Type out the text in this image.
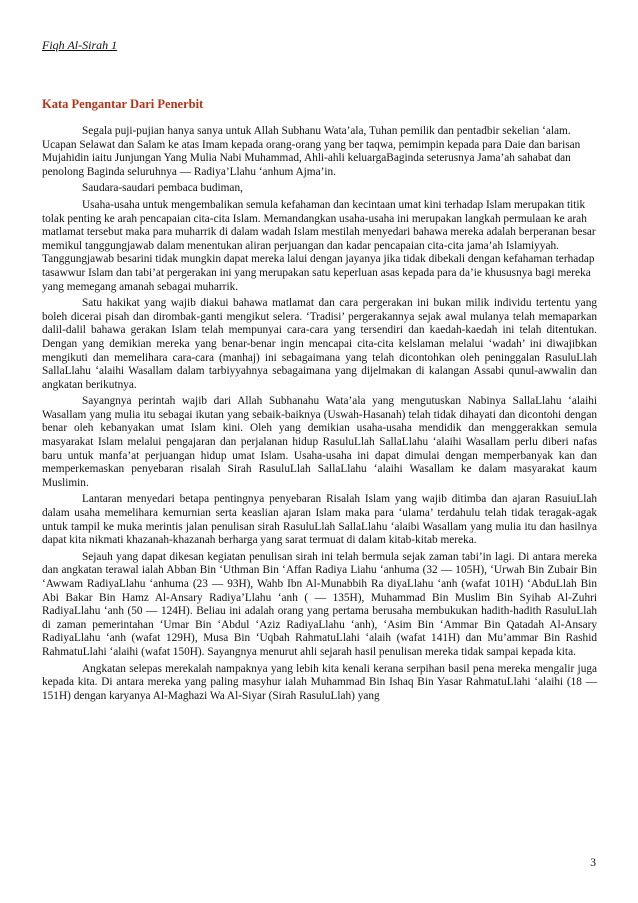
Fiqh Al-Sirah 1
Kata Pengantar Dari Penerbit

Segala puji-pujian hanya sanya untuk Allah Subhanu Wata’ala, Tuhan pemilik dan pentadbir sekelian ‘alam. Ucapan Selawat dan Salam ke atas Imam kepada orang-orang yang ber taqwa, pemimpin kepada para Daie dan barisan Mujahidin iaitu Junjungan Yang Mulia Nabi Muhammad, Ahli-ahli keluargaBaginda seterusnya Jama’ah sahabat dan penolong Baginda seluruhnya — Radiya’Llahu ‘anhum Ajma’in.

Saudara-saudari pembaca budiman,

Usaha-usaha untuk mengembalikan semula kefahaman dan kecintaan umat kini terhadap Islam merupakan titik tolak penting ke arah pencapaian cita-cita Islam. Memandangkan usaha-usaha ini merupakan langkah permulaan ke arah matlamat tersebut maka para muharrik di dalam wadah Islam mestilah menyedari bahawa mereka adalah berperanan besar memikul tanggungjawab dalam menentukan aliran perjuangan dan kadar pencapaian cita-cita jama’ah Islamiyyah. Tanggungjawab besarini tidak mungkin dapat mereka lalui dengan jayanya jika tidak dibekali dengan kefahaman terhadap tasawwur Islam dan tabi’at pergerakan ini yang merupakan satu keperluan asas kepada para da’ie khususnya bagi mereka yang memegang amanah sebagai muharrik.

Satu hakikat yang wajib diakui bahawa matlamat dan cara pergerakan ini bukan milik individu tertentu yang boleh dicerai pisah dan dirombak-ganti mengikut selera. ‘Tradisi’ pergerakannya sejak awal mulanya telah memaparkan dalil-dalil bahawa gerakan Islam telah mempunyai cara-cara yang tersendiri dan kaedah-kaedah ini telah ditentukan. Dengan yang demikian mereka yang benar-benar ingin mencapai cita-cita kelslaman melalui ‘wadah’ ini diwajibkan mengikuti dan memelihara cara-cara (manhaj) ini sebagaimana yang telah dicontohkan oleh peninggalan RasuluLlah SallaLlahu ‘alaihi Wasallam dalam tarbiyyahnya sebagaimana yang dijelmakan di kalangan Assabi qunul-awwalin dan angkatan berikutnya.

Sayangnya perintah wajib dari Allah Subhanahu Wata’ala yang mengutuskan Nabinya SallaLlahu ‘alaihi Wasallam yang mulia itu sebagai ikutan yang sebaik-baiknya (Uswah-Hasanah) telah tidak dihayati dan dicontohi dengan benar oleh kebanyakan umat Islam kini. Oleh yang demikian usaha-usaha mendidik dan menggerakkan semula masyarakat Islam melalui pengajaran dan perjalanan hidup RasuluLlah SallaLlahu ‘alaihi Wasallam perlu diberi nafas baru untuk manfa’at perjuangan hidup umat Islam. Usaha-usaha ini dapat dimulai dengan memperbanyak kan dan memperkemaskan penyebaran risalah Sirah RasuluLlah SallaLlahu ‘alaihi Wasallam ke dalam masyarakat kaum Muslimin.

Lantaran menyedari betapa pentingnya penyebaran Risalah Islam yang wajib ditimba dan ajaran RasuiuLlah dalam usaha memelihara kemurnian serta keaslian ajaran Islam maka para ‘ulama’ terdahulu telah tidak teragak-agak untuk tampil ke muka merintis jalan penulisan sirah RasuluLlah SallaLlahu ‘alaibi Wasallam yang mulia itu dan hasilnya dapat kita nikmati khazanah-khazanah berharga yang sarat termuat di dalam kitab-kitab mereka.

Sejauh yang dapat dikesan kegiatan penulisan sirah ini telah bermula sejak zaman tabi’in lagi. Di antara mereka dan angkatan terawal ialah Abban Bin ‘Uthman Bin ‘Affan Radiya Liahu ‘anhuma (32 — 105H), ‘Urwah Bin Zubair Bin ‘Awwam RadiyaLlahu ‘anhuma (23 — 93H), Wahb Ibn Al-Munabbih Ra diyaLlahu ‘anh (wafat 101H) ‘AbduLlah Bin Abi Bakar Bin Hamz Al-Ansary Radiya’Llahu ‘anh ( — 135H), Muhammad Bin Muslim Bin Syihab Al-Zuhri RadiyaLlahu ‘anh (50 — 124H). Beliau ini adalah orang yang pertama berusaha membukukan hadith-hadith RasuluLlah di zaman pemerintahan ‘Umar Bin ‘Abdul ‘Aziz RadiyaLlahu ‘anh), ‘Asim Bin ‘Ammar Bin Qatadah Al-Ansary RadiyaLlahu ‘anh (wafat 129H), Musa Bin ‘Uqbah RahmatuLlahi ‘alaih (wafat 141H) dan Mu’ammar Bin Rashid RahmatuLlahi ‘alaihi (wafat 150H). Sayangnya menurut ahli sejarah hasil penulisan mereka tidak sampai kepada kita.

Angkatan selepas merekalah nampaknya yang lebih kita kenali kerana serpihan basil pena mereka mengalir juga kepada kita. Di antara mereka yang paling masyhur ialah Muhammad Bin Ishaq Bin Yasar RahmatuLlahi ‘alaihi (18 — 151H) dengan karyanya Al-Maghazi Wa Al-Siyar (Sirah RasuluLlah) yang

3
